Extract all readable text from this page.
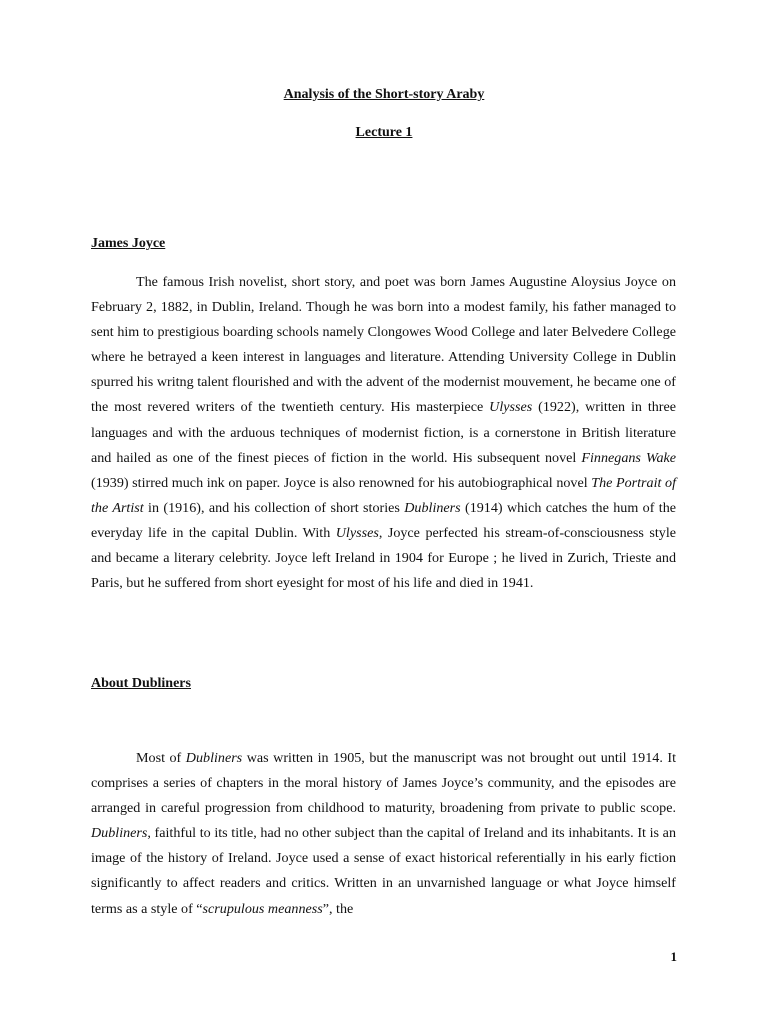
Analysis of the Short-story Araby
Lecture 1
James Joyce

The famous Irish novelist, short story, and poet was born James Augustine Aloysius Joyce on February 2, 1882, in Dublin, Ireland. Though he was born into a modest family, his father managed to sent him to prestigious boarding schools namely Clongowes Wood College and later Belvedere College where he betrayed a keen interest in languages and literature. Attending University College in Dublin spurred his writng talent flourished and with the advent of the modernist mouvement, he became one of the most revered writers of the twentieth century. His masterpiece Ulysses (1922), written in three languages and with the arduous techniques of modernist fiction, is a cornerstone in British literature and hailed as one of the finest pieces of fiction in the world. His subsequent novel Finnegans Wake (1939) stirred much ink on paper. Joyce is also renowned for his autobiographical novel The Portrait of the Artist in (1916), and his collection of short stories Dubliners (1914) which catches the hum of the everyday life in the capital Dublin. With Ulysses, Joyce perfected his stream-of-consciousness style and became a literary celebrity. Joyce left Ireland in 1904 for Europe ; he lived in Zurich, Trieste and Paris, but he suffered from short eyesight for most of his life and died in 1941.

About Dubliners

Most of Dubliners was written in 1905, but the manuscript was not brought out until 1914. It comprises a series of chapters in the moral history of James Joyce’s community, and the episodes are arranged in careful progression from childhood to maturity, broadening from private to public scope. Dubliners, faithful to its title, had no other subject than the capital of Ireland and its inhabitants. It is an image of the history of Ireland. Joyce used a sense of exact historical referentially in his early fiction significantly to affect readers and critics. Written in an unvarnished language or what Joyce himself terms as a style of “scrupulous meanness”, the

1
